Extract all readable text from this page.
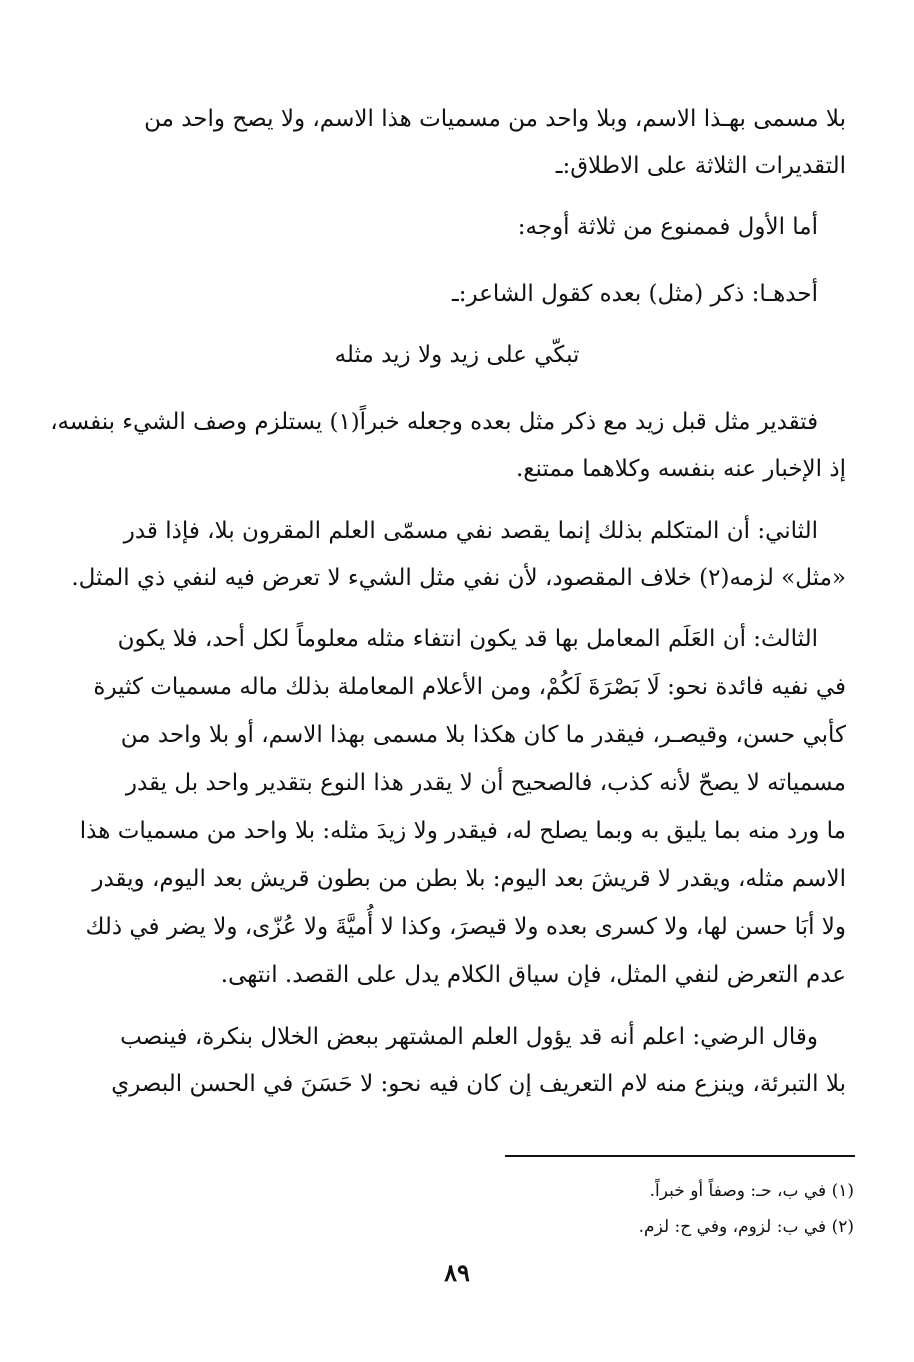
بلا مسمى بهـذا الاسم، وبلا واحد من مسميات هذا الاسم، ولا يصح واحد من
التقديرات الثلاثة على الاطلاق:ـ
أما الأول فممنوع من ثلاثة أوجه:
أحدهـا: ذكر (مثل) بعده كقول الشاعر:ـ
تبكّي على زيد ولا زيد مثله
فتقدير مثل قبل زيد مع ذكر مثل بعده وجعله خبراً(١) يستلزم وصف الشيء بنفسه،
إذ الإخبار عنه بنفسه وكلاهما ممتنع.
الثاني: أن المتكلم بذلك إنما يقصد نفي مسمّى العلم المقرون بلا، فإذا قدر
«مثل» لزمه(٢) خلاف المقصود، لأن نفي مثل الشيء لا تعرض فيه لنفي ذي المثل.
الثالث: أن العَلَم المعامل بها قد يكون انتفاء مثله معلوماً لكل أحد، فلا يكون
في نفيه فائدة نحو: لَا بَصْرَةَ لَكُمْ، ومن الأعلام المعاملة بذلك ماله مسميات كثيرة
كأبي حسن، وقيصـر، فيقدر ما كان هكذا بلا مسمى بهذا الاسم، أو بلا واحد من
مسمياته لا يصحّ لأنه كذب، فالصحيح أن لا يقدر هذا النوع بتقدير واحد بل يقدر
ما ورد منه بما يليق به وبما يصلح له، فيقدر ولا زيدَ مثله: بلا واحد من مسميات هذا
الاسم مثله، ويقدر لا قريشَ بعد اليوم: بلا بطن من بطون قريش بعد اليوم، ويقدر
ولا أبَا حسن لها، ولا كسرى بعده ولا قيصرَ، وكذا لا أُميَّةَ ولا عُزّى، ولا يضر في ذلك
عدم التعرض لنفي المثل، فإن سياق الكلام يدل على القصد. انتهى.
وقال الرضي: اعلم أنه قد يؤول العلم المشتهر ببعض الخلال بنكرة، فينصب
بلا التبرئة، وينزع منه لام التعريف إن كان فيه نحو: لا حَسَنَ في الحسن البصري
(١) في ب، حـ: وصفاً أو خبراً.
(٢) في ب: لزوم، وفي ح: لزم.
٨٩
